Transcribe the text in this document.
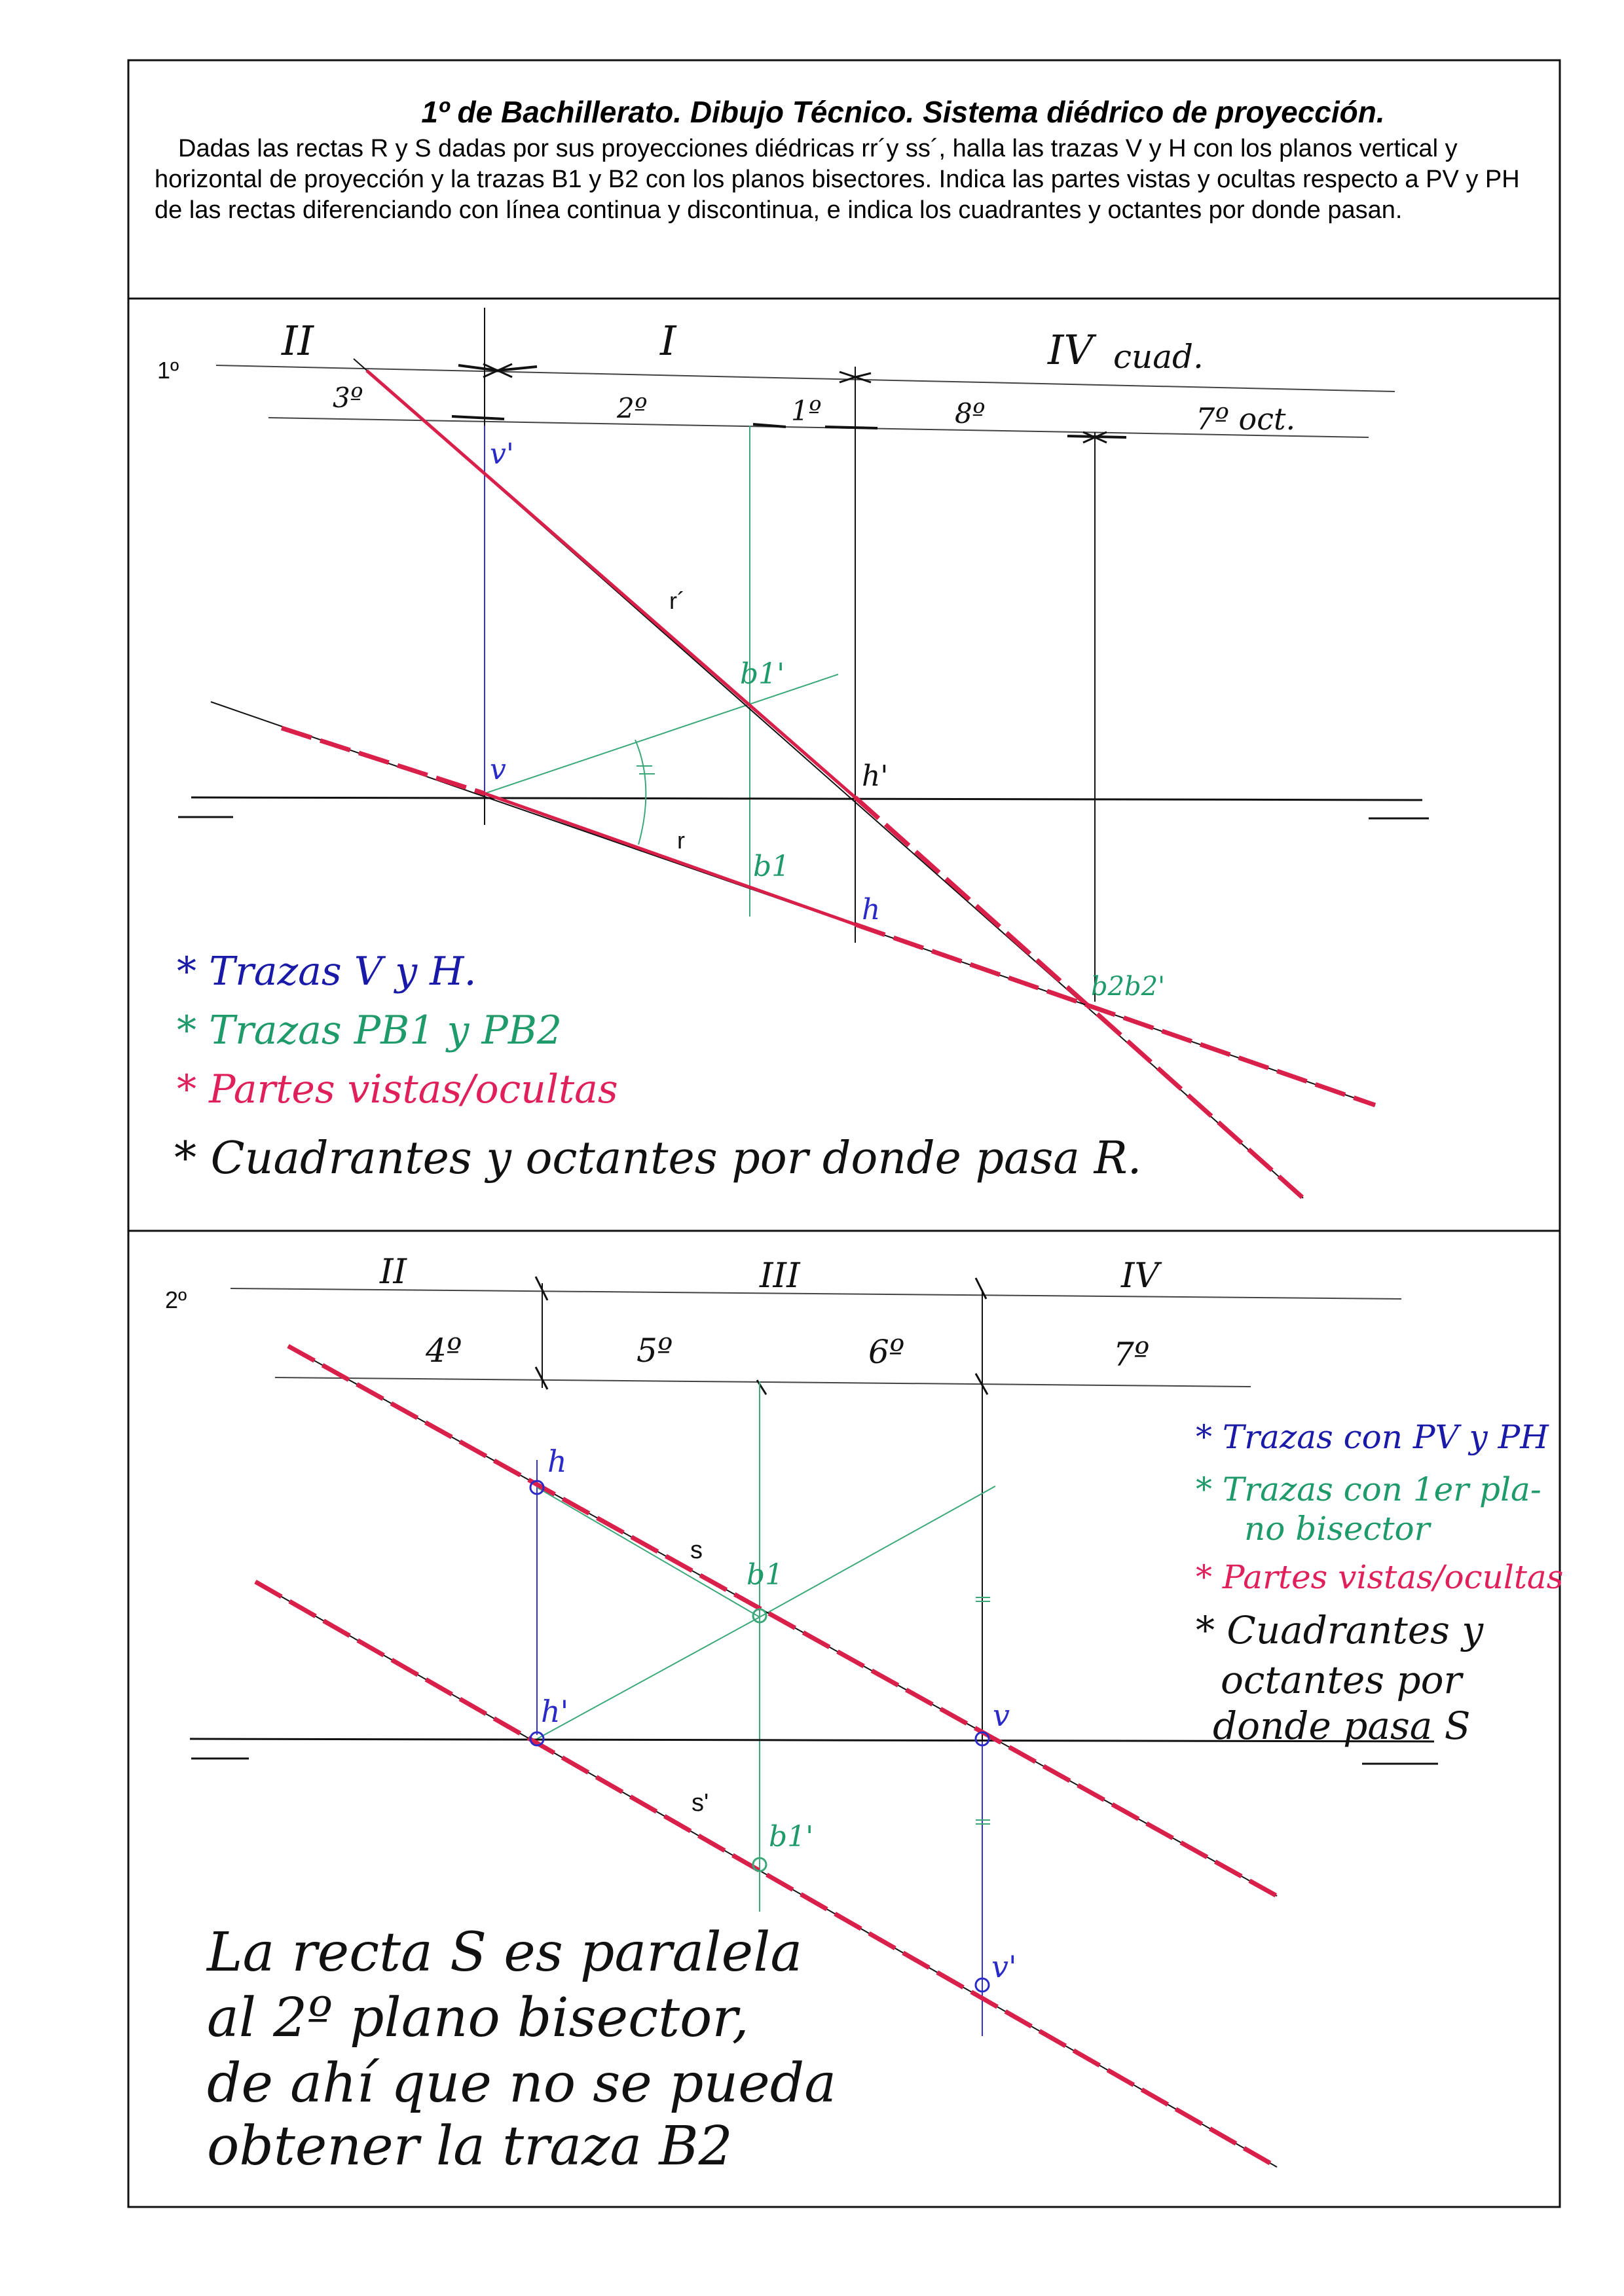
1º
II	I	IV cuad.
3º	2º	1º	8º	7º oct.
v'
r´
b1'
h'
v
r
b1
h
b2b2'
* Trazas V y H.
* Trazas PB1 y PB2
* Partes vistas/ocultas
* Cuadrantes y octantes por donde pasa R.
2º
II	III	IV
4º	5º	6º	7º
h
s
b1
h'	v
s'
b1'
v'
* Trazas con PV y PH
* Trazas con 1er pla-
no bisector
* Partes vistas/ocultas
* Cuadrantes y
octantes por
donde pasa S
La recta S es paralela
al 2º plano bisector,
de ahí que no se pueda
obtener la traza B2
1º de Bachillerato. Dibujo Técnico. Sistema diédrico de proyección.
Dadas las rectas R y S dadas por sus proyecciones diédricas rr´y ss´, halla las trazas V y H con los planos vertical y horizontal de proyección y la trazas B1 y B2 con los planos bisectores. Indica las partes vistas y ocultas respecto a PV y PH de las rectas diferenciando con línea continua y discontinua, e indica los cuadrantes y octantes por donde pasan.
